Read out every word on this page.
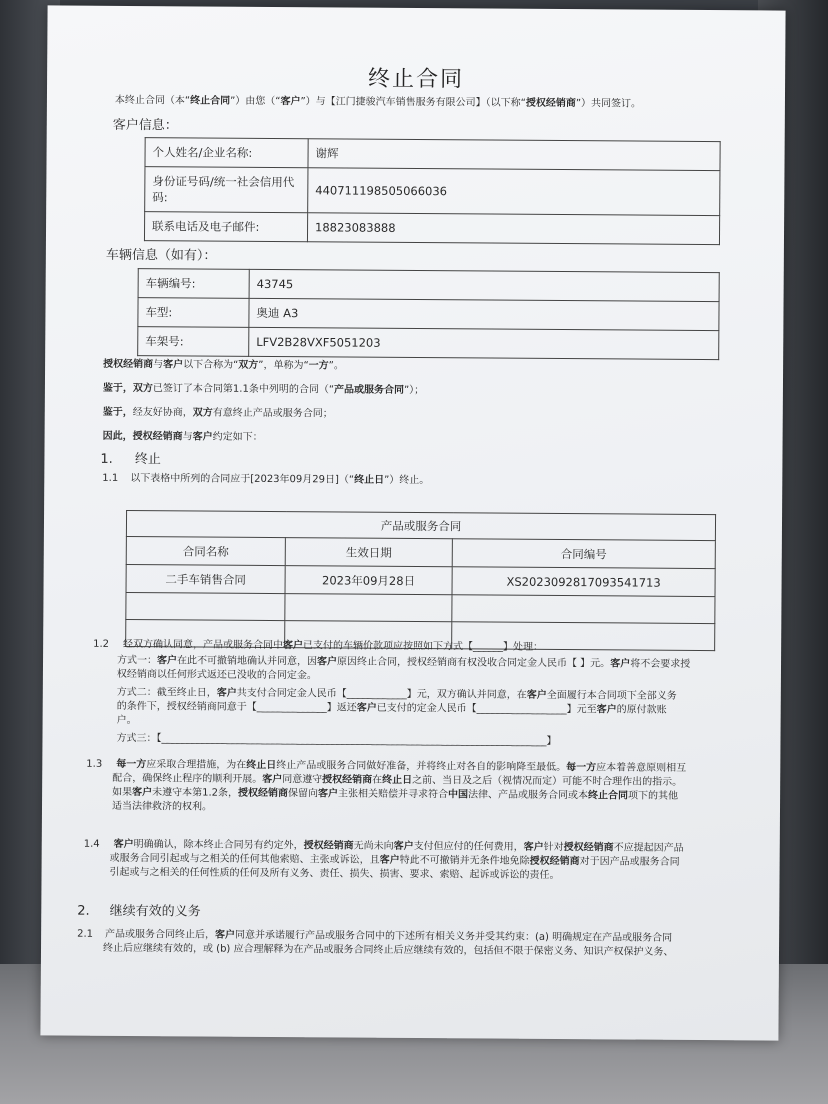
终止合同
本终止合同（本“终止合同”）由您（“客户”）与【江门捷骏汽车销售服务有限公司】（以下称“授权经销商”）共同签订。
客户信息：
个人姓名/企业名称:	谢辉
身份证号码/统一社会信用代码:	440711198505066036
联系电话及电子邮件:	18823083888
车辆信息（如有）：
车辆编号:	43745
车型:	奥迪 A3
车架号:	LFV2B28VXF5051203
授权经销商与客户以下合称为“双方”，单称为“一方”。
鉴于，双方已签订了本合同第1.1条中列明的合同（“产品或服务合同”）；
鉴于，经友好协商，双方有意终止产品或服务合同；
因此，授权经销商与客户约定如下：
1. 终止
1.1 以下表格中所列的合同应于[2023年09月29日]（“终止日”）终止。
产品或服务合同		
合同名称	生效日期	合同编号
二手车销售合同	2023年09月28日	XS2023092817093541713

1.2 经双方确认同意，产品或服务合同中客户已支付的车辆价款项应按照如下方式【______】处理：
方式一：客户在此不可撤销地确认并同意，因客户原因终止合同，授权经销商有权没收合同定金人民币【 】元。客户将不会要求授
权经销商以任何形式返还已没收的合同定金。
方式二：截至终止日，客户共支付合同定金人民币【____________】元，双方确认并同意，在客户全面履行本合同项下全部义务
的条件下，授权经销商同意于【______________】返还客户已支付的定金人民币【__________________】元至客户的原付款账
户。
方式三：【_____________________________________________________________________________】
1.3 每一方应采取合理措施，为在终止日终止产品或服务合同做好准备，并将终止对各自的影响降至最低。每一方应本着善意原则相互
配合，确保终止程序的顺利开展。客户同意遵守授权经销商在终止日之前、当日及之后（视情况而定）可能不时合理作出的指示。
如果客户未遵守本第1.2条，授权经销商保留向客户主张相关赔偿并寻求符合中国法律、产品或服务合同或本终止合同项下的其他
适当法律救济的权利。
1.4 客户明确确认，除本终止合同另有约定外，授权经销商无尚未向客户支付但应付的任何费用，客户针对授权经销商不应提起因产品
或服务合同引起或与之相关的任何其他索赔、主张或诉讼，且客户特此不可撤销并无条件地免除授权经销商对于因产品或服务合同
引起或与之相关的任何性质的任何及所有义务、责任、损失、损害、要求、索赔、起诉或诉讼的责任。
2. 继续有效的义务
2.1 产品或服务合同终止后，客户同意并承诺履行产品或服务合同中的下述所有相关义务并受其约束：(a) 明确规定在产品或服务合同
终止后应继续有效的，或 (b) 应合理解释为在产品或服务合同终止后应继续有效的，包括但不限于保密义务、知识产权保护义务、
